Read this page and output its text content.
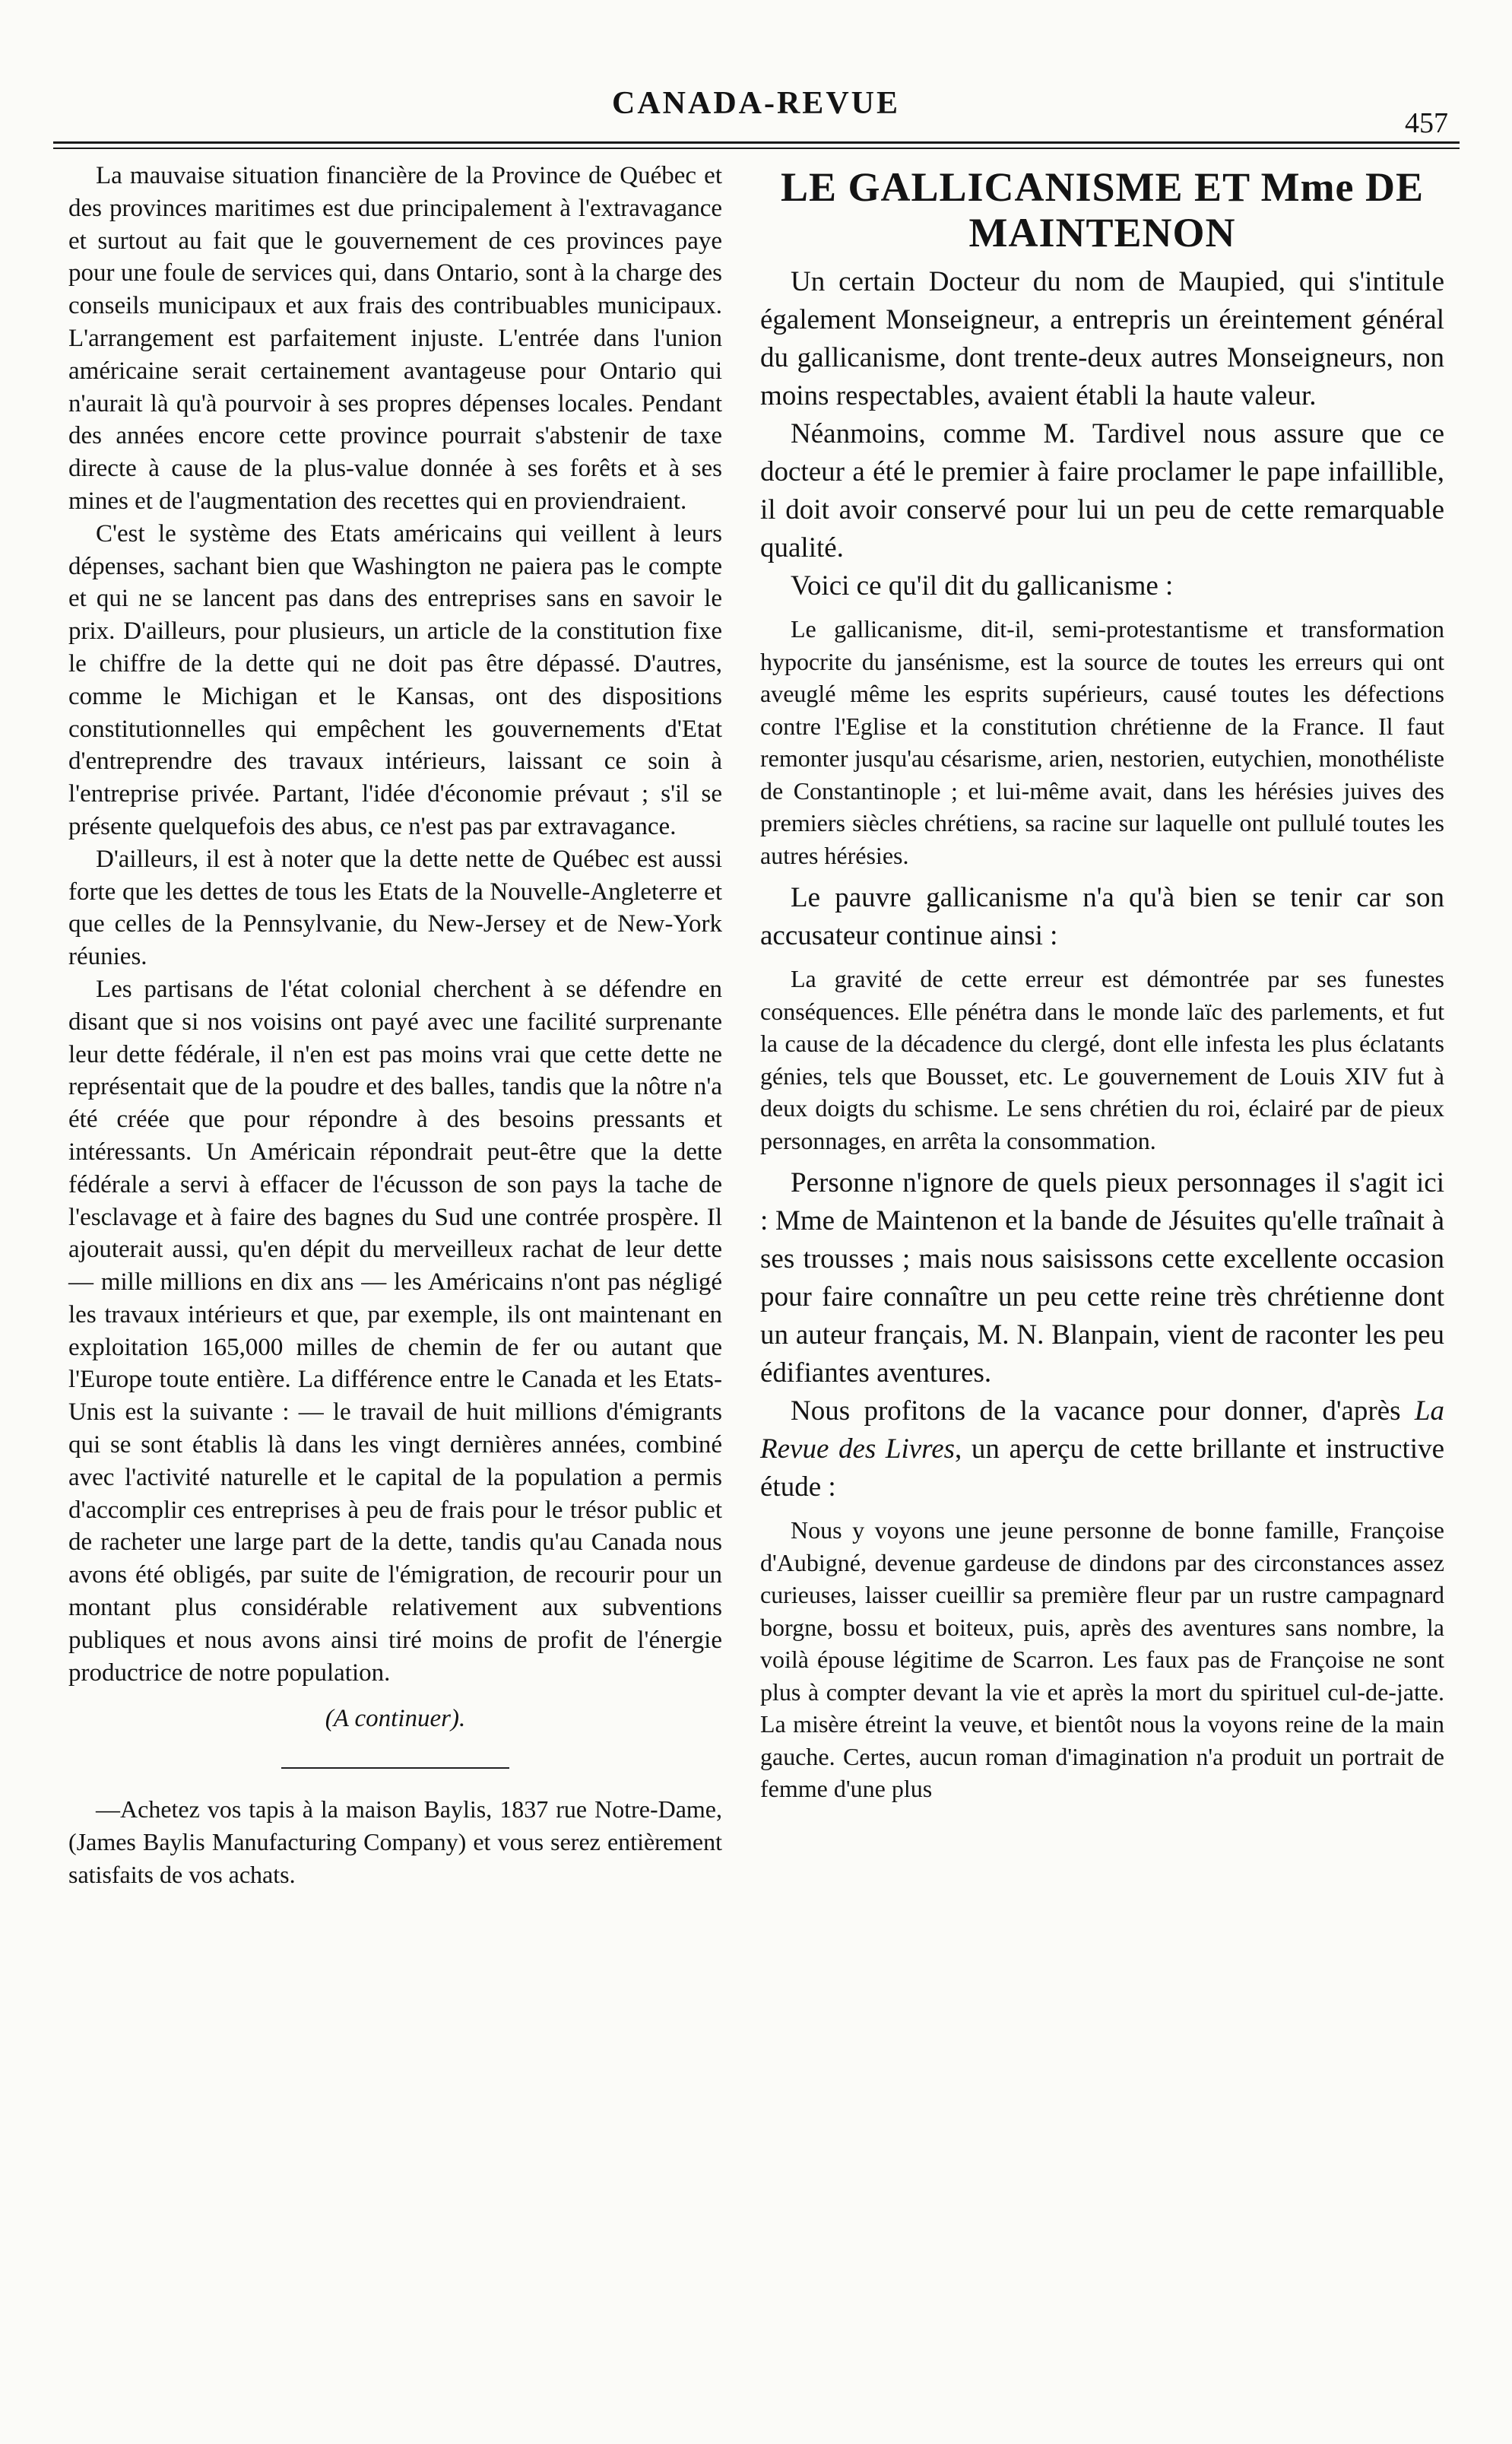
CANADA-REVUE
457

La mauvaise situation financière de la Province de Québec et des provinces maritimes est due principalement à l'extravagance et surtout au fait que le gouvernement de ces provinces paye pour une foule de services qui, dans Ontario, sont à la charge des conseils municipaux et aux frais des contribuables municipaux. L'arrangement est parfaitement injuste. L'entrée dans l'union américaine serait certainement avantageuse pour Ontario qui n'aurait là qu'à pourvoir à ses propres dépenses locales. Pendant des années encore cette province pourrait s'abstenir de taxe directe à cause de la plus-value donnée à ses forêts et à ses mines et de l'augmentation des recettes qui en proviendraient.

C'est le système des Etats américains qui veillent à leurs dépenses, sachant bien que Washington ne paiera pas le compte et qui ne se lancent pas dans des entreprises sans en savoir le prix. D'ailleurs, pour plusieurs, un article de la constitution fixe le chiffre de la dette qui ne doit pas être dépassé. D'autres, comme le Michigan et le Kansas, ont des dispositions constitutionnelles qui empêchent les gouvernements d'Etat d'entreprendre des travaux intérieurs, laissant ce soin à l'entreprise privée. Partant, l'idée d'économie prévaut ; s'il se présente quelquefois des abus, ce n'est pas par extravagance.

D'ailleurs, il est à noter que la dette nette de Québec est aussi forte que les dettes de tous les Etats de la Nouvelle-Angleterre et que celles de la Pennsylvanie, du New-Jersey et de New-York réunies.

Les partisans de l'état colonial cherchent à se défendre en disant que si nos voisins ont payé avec une facilité surprenante leur dette fédérale, il n'en est pas moins vrai que cette dette ne représentait que de la poudre et des balles, tandis que la nôtre n'a été créée que pour répondre à des besoins pressants et intéressants. Un Américain répondrait peut-être que la dette fédérale a servi à effacer de l'écusson de son pays la tache de l'esclavage et à faire des bagnes du Sud une contrée prospère. Il ajouterait aussi, qu'en dépit du merveilleux rachat de leur dette — mille millions en dix ans — les Américains n'ont pas négligé les travaux intérieurs et que, par exemple, ils ont maintenant en exploitation 165,000 milles de chemin de fer ou autant que l'Europe toute entière. La différence entre le Canada et les Etats-Unis est la suivante : — le travail de huit millions d'émigrants qui se sont établis là dans les vingt dernières années, combiné avec l'activité naturelle et le capital de la population a permis d'accomplir ces entreprises à peu de frais pour le trésor public et de racheter une large part de la dette, tandis qu'au Canada nous avons été obligés, par suite de l'émigration, de recourir pour un montant plus considérable relativement aux subventions publiques et nous avons ainsi tiré moins de profit de l'énergie productrice de notre population.

(A continuer).

—Achetez vos tapis à la maison Baylis, 1837 rue Notre-Dame, (James Baylis Manufacturing Company) et vous serez entièrement satisfaits de vos achats.

LE GALLICANISME ET Mme DE MAINTENON

Un certain Docteur du nom de Maupied, qui s'intitule également Monseigneur, a entrepris un éreintement général du gallicanisme, dont trente-deux autres Monseigneurs, non moins respectables, avaient établi la haute valeur.

Néanmoins, comme M. Tardivel nous assure que ce docteur a été le premier à faire proclamer le pape infaillible, il doit avoir conservé pour lui un peu de cette remarquable qualité.

Voici ce qu'il dit du gallicanisme :

Le gallicanisme, dit-il, semi-protestantisme et transformation hypocrite du jansénisme, est la source de toutes les erreurs qui ont aveuglé même les esprits supérieurs, causé toutes les défections contre l'Eglise et la constitution chrétienne de la France. Il faut remonter jusqu'au césarisme, arien, nestorien, eutychien, monothéliste de Constantinople ; et lui-même avait, dans les hérésies juives des premiers siècles chrétiens, sa racine sur laquelle ont pullulé toutes les autres hérésies.

Le pauvre gallicanisme n'a qu'à bien se tenir car son accusateur continue ainsi :

La gravité de cette erreur est démontrée par ses funestes conséquences. Elle pénétra dans le monde laïc des parlements, et fut la cause de la décadence du clergé, dont elle infesta les plus éclatants génies, tels que Bousset, etc. Le gouvernement de Louis XIV fut à deux doigts du schisme. Le sens chrétien du roi, éclairé par de pieux personnages, en arrêta la consommation.

Personne n'ignore de quels pieux personnages il s'agit ici : Mme de Maintenon et la bande de Jésuites qu'elle traînait à ses trousses ; mais nous saisissons cette excellente occasion pour faire connaître un peu cette reine très chrétienne dont un auteur français, M. N. Blanpain, vient de raconter les peu édifiantes aventures.

Nous profitons de la vacance pour donner, d'après La Revue des Livres, un aperçu de cette brillante et instructive étude :

Nous y voyons une jeune personne de bonne famille, Françoise d'Aubigné, devenue gardeuse de dindons par des circonstances assez curieuses, laisser cueillir sa première fleur par un rustre campagnard borgne, bossu et boiteux, puis, après des aventures sans nombre, la voilà épouse légitime de Scarron. Les faux pas de Françoise ne sont plus à compter devant la vie et après la mort du spirituel cul-de-jatte. La misère étreint la veuve, et bientôt nous la voyons reine de la main gauche. Certes, aucun roman d'imagination n'a produit un portrait de femme d'une plus
